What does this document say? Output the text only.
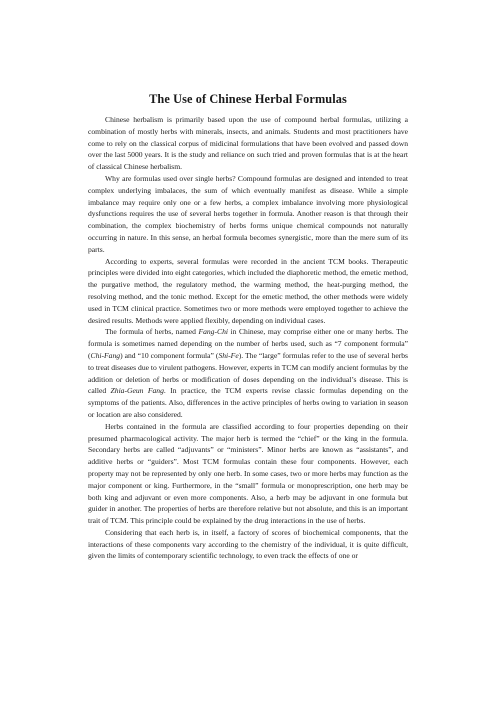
The Use of Chinese Herbal Formulas

Chinese herbalism is primarily based upon the use of compound herbal formulas, utilizing a combination of mostly herbs with minerals, insects, and animals. Students and most practitioners have come to rely on the classical corpus of midicinal formulations that have been evolved and passed down over the last 5000 years. It is the study and reliance on such tried and proven formulas that is at the heart of classical Chinese herbalism.

Why are formulas used over single herbs? Compound formulas are designed and intended to treat complex underlying imbalaces, the sum of which eventually manifest as disease. While a simple imbalance may require only one or a few herbs, a complex imbalance involving more physiological dysfunctions requires the use of several herbs together in formula. Another reason is that through their combination, the complex biochemistry of herbs forms unique chemical compounds not naturally occurring in nature. In this sense, an herbal formula becomes synergistic, more than the mere sum of its parts.

According to experts, several formulas were recorded in the ancient TCM books. Therapeutic principles were divided into eight categories, which included the diaphoretic method, the emetic method, the purgative method, the regulatory method, the warming method, the heat-purging method, the resolving method, and the tonic method. Except for the emetic method, the other methods were widely used in TCM clinical practice. Sometimes two or more methods were employed together to achieve the desired results. Methods were applied flexibly, depending on individual cases.

The formula of herbs, named Fang-Chi in Chinese, may comprise either one or many herbs. The formula is sometimes named depending on the number of herbs used, such as “7 component formula” (Chi-Fang) and “10 component formula” (Shi-Fe). The “large” formulas refer to the use of several herbs to treat diseases due to virulent pathogens. However, experts in TCM can modify ancient formulas by the addition or deletion of herbs or modification of doses depending on the individual’s disease. This is called Zhia-Geun Fang. In practice, the TCM experts revise classic formulas depending on the symptoms of the patients. Also, differences in the active principles of herbs owing to variation in season or location are also considered.

Herbs contained in the formula are classified according to four properties depending on their presumed pharmacological activity. The major herb is termed the “chief” or the king in the formula. Secondary herbs are called “adjuvants” or “ministers”. Minor herbs are known as “assistants”, and additive herbs or “guiders”. Most TCM formulas contain these four components. However, each property may not be represented by only one herb. In some cases, two or more herbs may function as the major component or king. Furthermore, in the “small” formula or monoprescription, one herb may be both king and adjuvant or even more components. Also, a herb may be adjuvant in one formula but guider in another. The properties of herbs are therefore relative but not absolute, and this is an important trait of TCM. This principle could be explained by the drug interactions in the use of herbs.

Considering that each herb is, in itself, a factory of scores of biochemical components, that the interactions of these components vary according to the chemistry of the individual, it is quite difficult, given the limits of contemporary scientific technology, to even track the effects of one or
